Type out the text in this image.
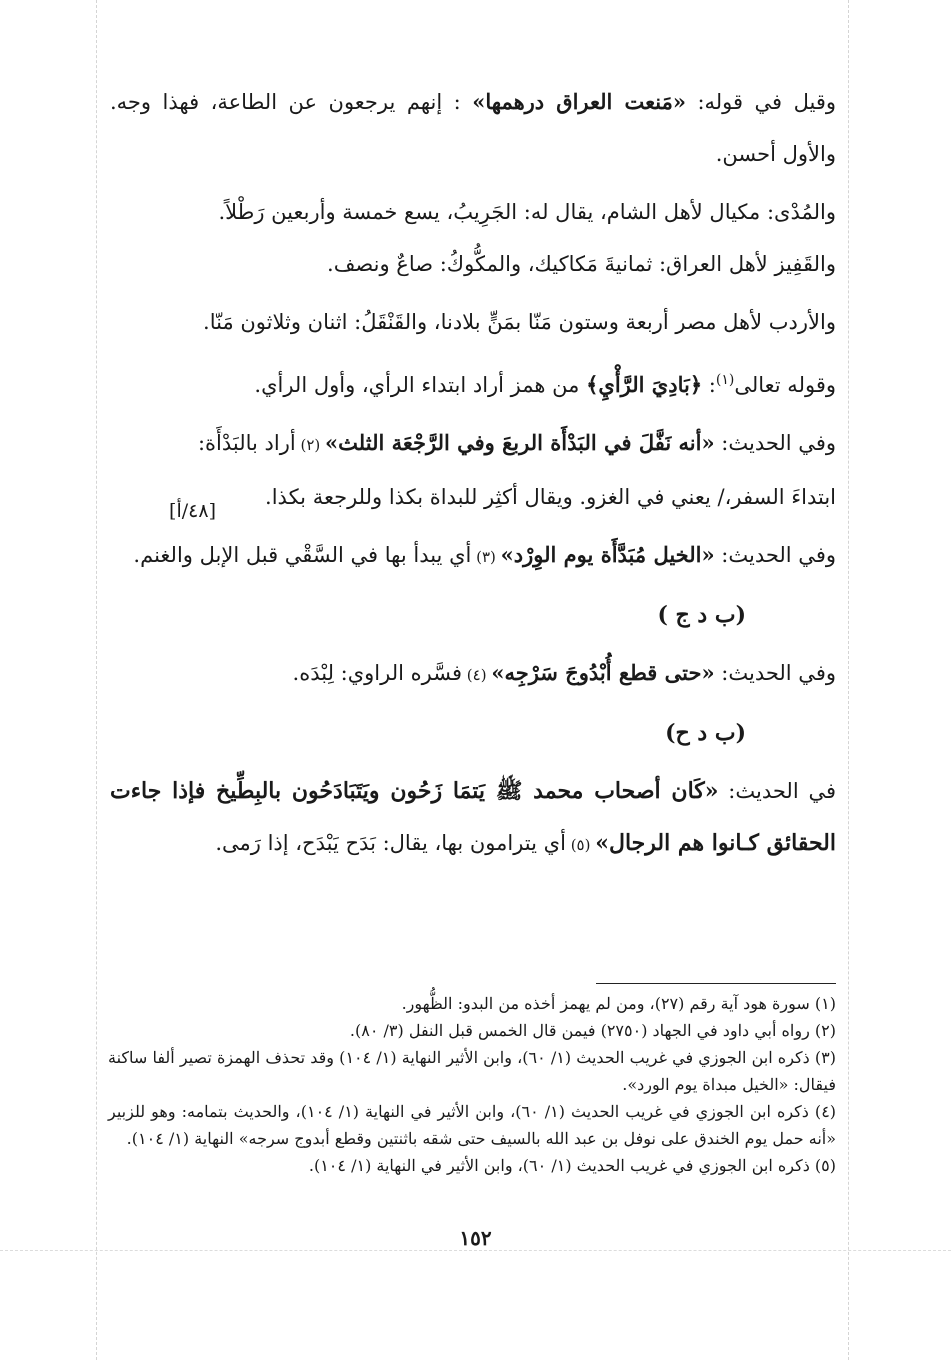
وقيل في قوله: «مَنعت العراق درهمها» : إنهم يرجعون عن الطاعة، فهذا وجه. والأول أحسن.

والمُدْى: مكيال لأهل الشام، يقال له: الجَرِيبُ، يسع خمسة وأربعين رَطْلاً.
والقَفِيز لأهل العراق: ثمانيةَ مَكاكيك، والمكُّوكُ: صاعٌ ونصف.

والأردب لأهل مصر أربعة وستون مَنّا بمَنٍّ بلادنا، والقَنْقَلُ: اثنان وثلاثون مَنّا.

وقوله تعالى$^{(١)}$: ﴿بَادِيَ الرَّأْيِ﴾ من همز أراد ابتداء الرأي، وأول الرأي.

وفي الحديث: «أنه نَفَّلَ في البَدْأَة الربعَ وفي الرَّجْعَة الثلث» (٢) أراد بالبَدْأَة:
ابتداءَ السفر،/ يعني في الغزو. ويقال أكثِر للبداة بكذا وللرجعة بكذا.
[٤٨/أ]

وفي الحديث: «الخيل مُبَدَّأَة يوم الوِرْد» (٣) أي يبدأ بها في السَّقْي قبل الإبل والغنم.

(ب د ج )

وفي الحديث: «حتى قطع أُبْدُوجَ سَرْجِه» (٤) فسَّره الراوي: لِبْدَه.

(ب د ح)

في الحديث: «كَان أصحاب محمد ﷺ يَتمَا زَحُون ويَتَبَادَحُون بالبِطِّيخ فإذا جاءت الحقائق كـانوا هم الرجال» (٥) أي يترامون بها، يقال: بَدَح يَبْدَح، إذا رَمى.

(١) سورة هود آية رقم (٢٧)، ومن لم يهمز أخذه من البدو: الظُّهور.

(٢) رواه أبي داود في الجهاد (٢٧٥٠) فيمن قال الخمس قبل النفل (٣/ ٨٠).

(٣) ذكره ابن الجوزي في غريب الحديث (١/ ٦٠)، وابن الأثير النهاية (١/ ١٠٤) وقد تحذف الهمزة تصير ألفا ساكنة فيقال: «الخيل مبداة يوم الورد».

(٤) ذكره ابن الجوزي في غريب الحديث (١/ ٦٠)، وابن الأثير في النهاية (١/ ١٠٤)، والحديث بتمامه: وهو للزبير «أنه حمل يوم الخندق على نوفل بن عبد الله بالسيف حتى شقه باثنتين وقطع أبدوج سرجه» النهاية (١/ ١٠٤).

(٥) ذكره ابن الجوزي في غريب الحديث (١/ ٦٠)، وابن الأثير في النهاية (١/ ١٠٤).

١٥٢
